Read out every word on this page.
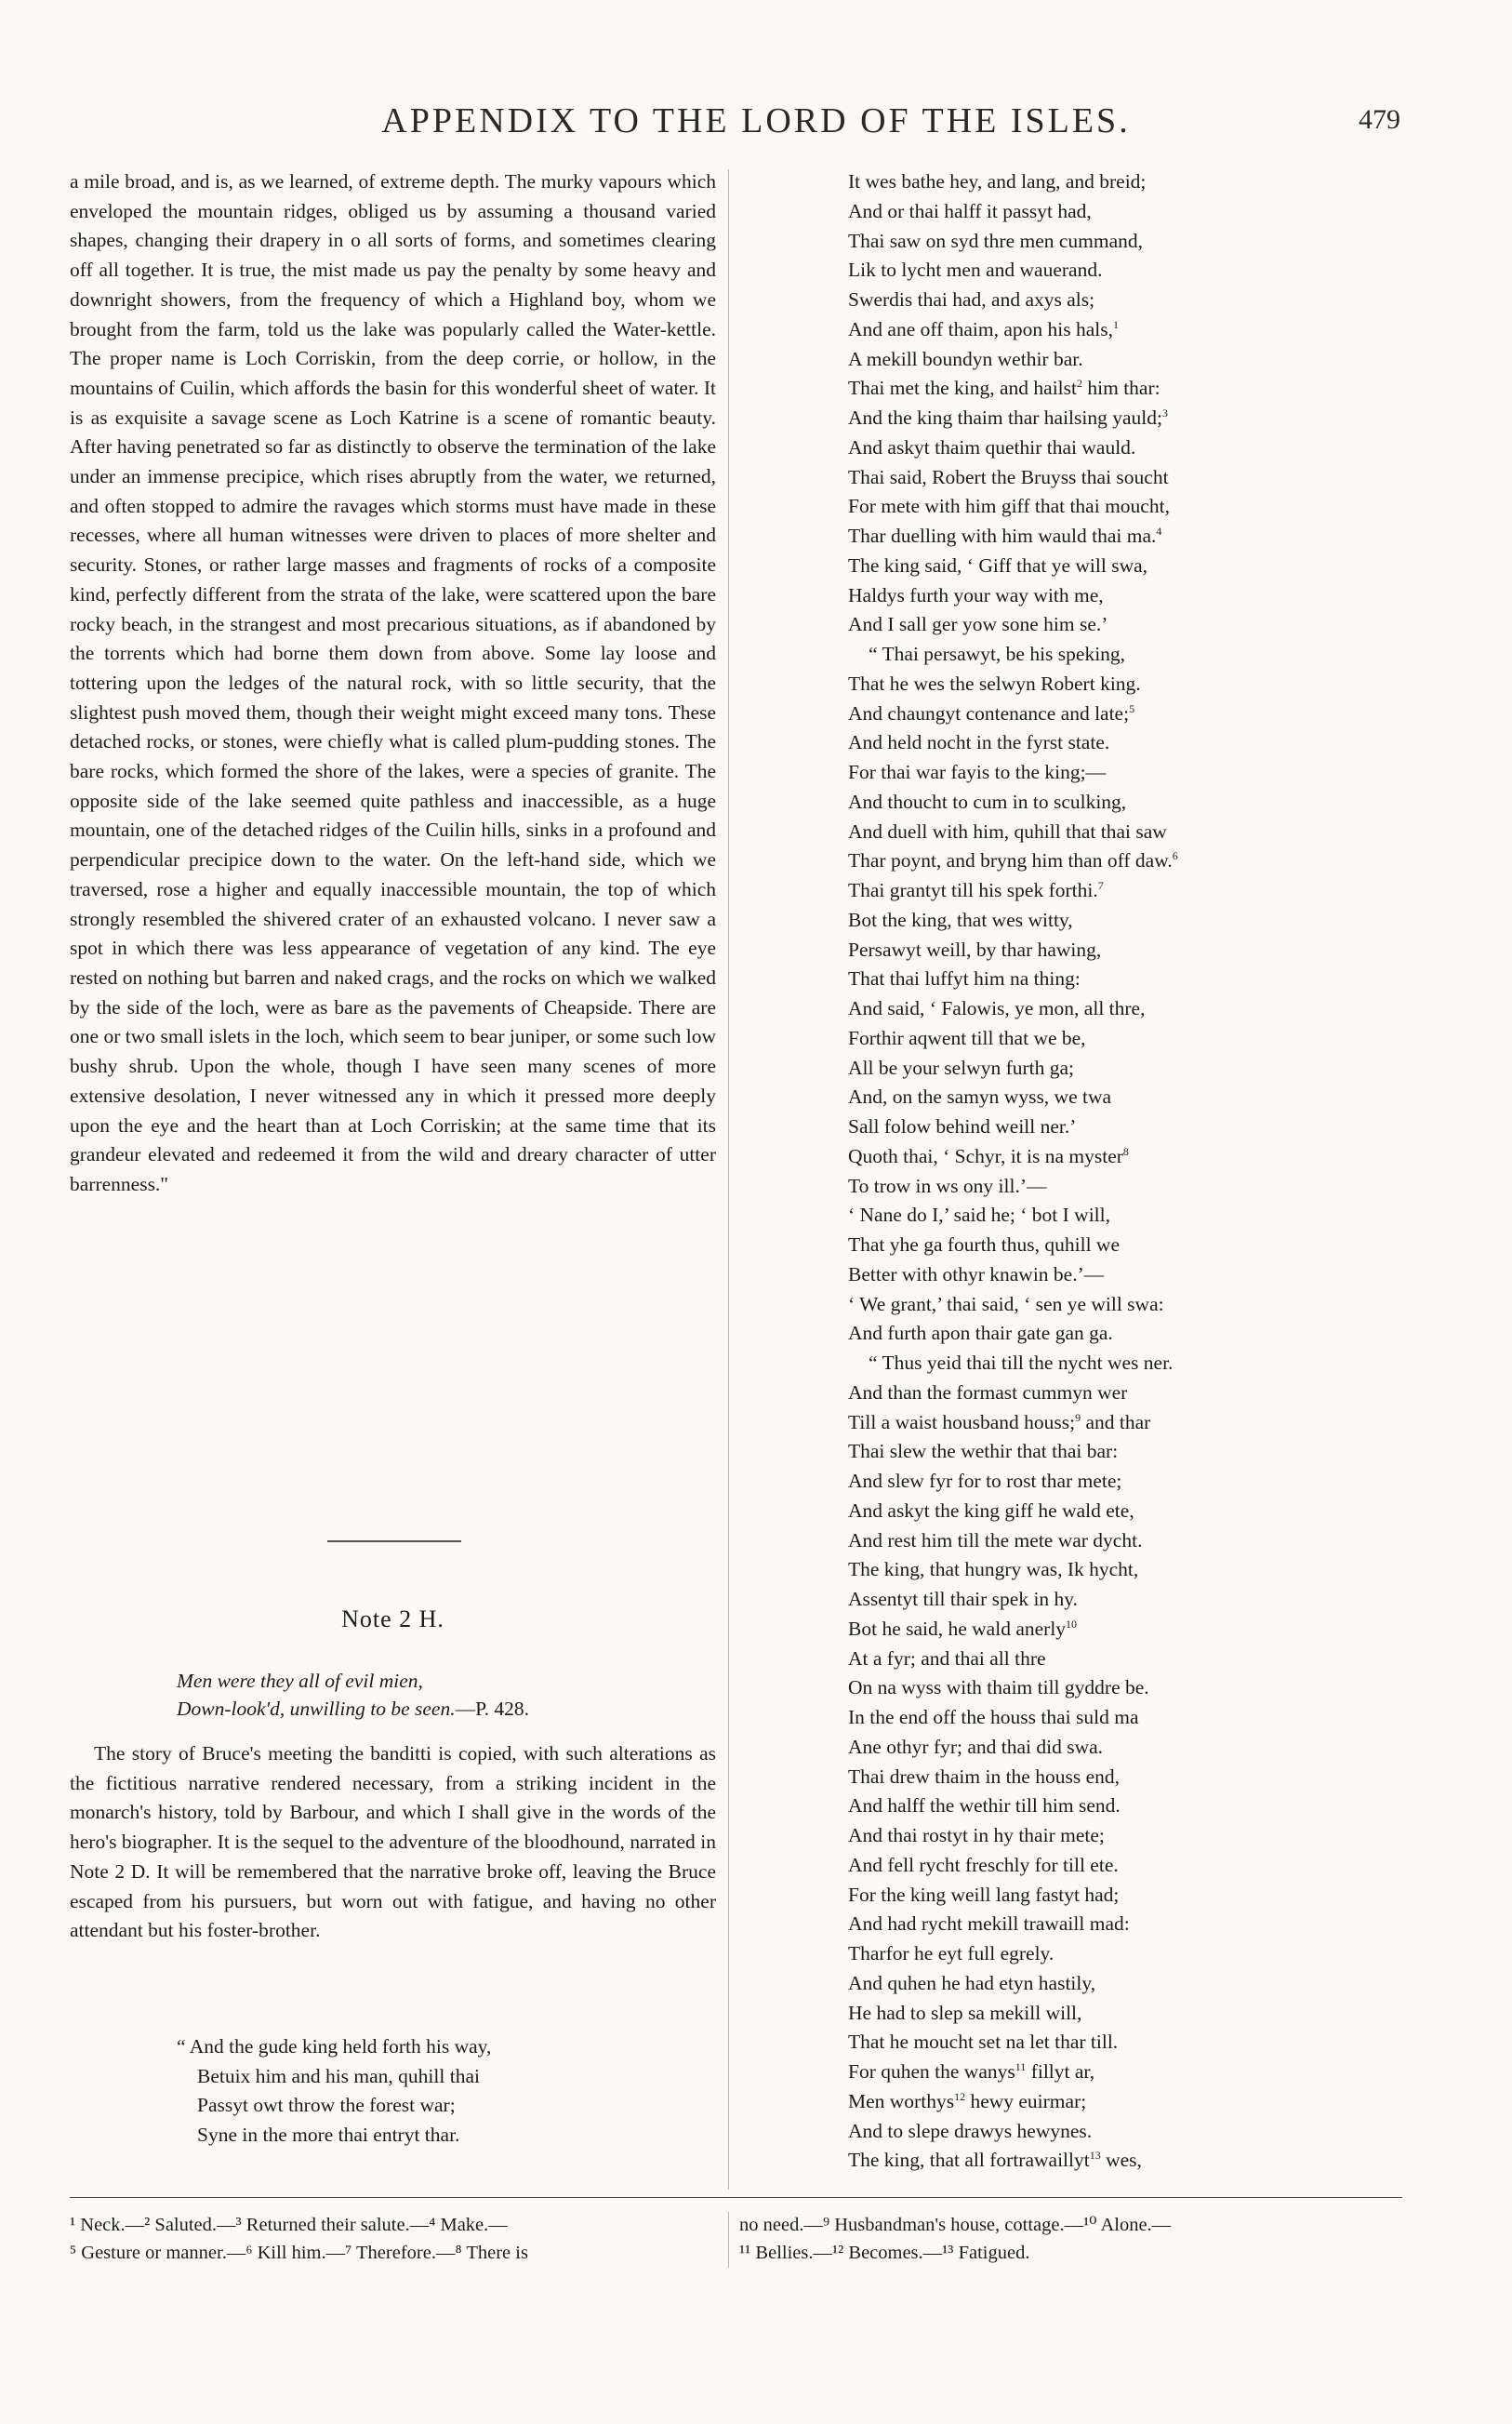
APPENDIX TO THE LORD OF THE ISLES.	479

a mile broad, and is, as we learned, of extreme depth. The murky vapours which enveloped the mountain ridges, obliged us by assuming a thousand varied shapes, changing their drapery in o all sorts of forms, and sometimes clearing off all together. It is true, the mist made us pay the penalty by some heavy and downright showers, from the frequency of which a Highland boy, whom we brought from the farm, told us the lake was popularly called the Water-kettle. The proper name is Loch Corriskin, from the deep corrie, or hollow, in the mountains of Cuilin, which affords the basin for this wonderful sheet of water. It is as exquisite a savage scene as Loch Katrine is a scene of romantic beauty. After having penetrated so far as distinctly to observe the termination of the lake under an immense precipice, which rises abruptly from the water, we returned, and often stopped to admire the ravages which storms must have made in these recesses, where all human witnesses were driven to places of more shelter and security. Stones, or rather large masses and fragments of rocks of a composite kind, perfectly different from the strata of the lake, were scattered upon the bare rocky beach, in the strangest and most precarious situations, as if abandoned by the torrents which had borne them down from above. Some lay loose and tottering upon the ledges of the natural rock, with so little security, that the slightest push moved them, though their weight might exceed many tons. These detached rocks, or stones, were chiefly what is called plum-pudding stones. The bare rocks, which formed the shore of the lakes, were a species of granite. The opposite side of the lake seemed quite pathless and inaccessible, as a huge mountain, one of the detached ridges of the Cuilin hills, sinks in a profound and perpendicular precipice down to the water. On the left-hand side, which we traversed, rose a higher and equally inaccessible mountain, the top of which strongly resembled the shivered crater of an exhausted volcano. I never saw a spot in which there was less appearance of vegetation of any kind. The eye rested on nothing but barren and naked crags, and the rocks on which we walked by the side of the loch, were as bare as the pavements of Cheapside. There are one or two small islets in the loch, which seem to bear juniper, or some such low bushy shrub. Upon the whole, though I have seen many scenes of more extensive desolation, I never witnessed any in which it pressed more deeply upon the eye and the heart than at Loch Corriskin; at the same time that its grandeur elevated and redeemed it from the wild and dreary character of utter barrenness."

Note 2 H.
Men were they all of evil mien,
Down-look'd, unwilling to be seen.—P. 428.

The story of Bruce's meeting the banditti is copied, with such alterations as the fictitious narrative rendered necessary, from a striking incident in the monarch's history, told by Barbour, and which I shall give in the words of the hero's biographer. It is the sequel to the adventure of the bloodhound, narrated in Note 2 D. It will be remembered that the narrative broke off, leaving the Bruce escaped from his pursuers, but worn out with fatigue, and having no other attendant but his foster-brother.

“ And the gude king held forth his way,
Betuix him and his man, quhill thai
Passyt owt throw the forest war;
Syne in the more thai entryt thar.
It wes bathe hey, and lang, and breid;
And or thai halff it passyt had,
Thai saw on syd thre men cummand,
Lik to lycht men and wauerand.
Swerdis thai had, and axys als;
And ane off thaim, apon his hals,$^1$
A mekill boundyn wethir bar.
Thai met the king, and hailst$^2$ him thar:
And the king thaim thar hailsing yauld;$^3$
And askyt thaim quethir thai wauld.
Thai said, Robert the Bruyss thai soucht
For mete with him giff that thai moucht,
Thar duelling with him wauld thai ma.$^4$
The king said, ‘ Giff that ye will swa,
Haldys furth your way with me,
And I sall ger yow sone him se.’
“ Thai persawyt, be his speking,
That he wes the selwyn Robert king.
And chaungyt contenance and late;$^5$
And held nocht in the fyrst state.
For thai war fayis to the king;—
And thoucht to cum in to sculking,
And duell with him, quhill that thai saw
Thar poynt, and bryng him than off daw.$^6$
Thai grantyt till his spek forthi.$^7$
Bot the king, that wes witty,
Persawyt weill, by thar hawing,
That thai luffyt him na thing:
And said, ‘ Falowis, ye mon, all thre,
Forthir aqwent till that we be,
All be your selwyn furth ga;
And, on the samyn wyss, we twa
Sall folow behind weill ner.’
Quoth thai, ‘ Schyr, it is na myster$^8$
To trow in ws ony ill.’—
‘ Nane do I,’ said he; ‘ bot I will,
That yhe ga fourth thus, quhill we
Better with othyr knawin be.’—
‘ We grant,’ thai said, ‘ sen ye will swa:
And furth apon thair gate gan ga.
“ Thus yeid thai till the nycht wes ner.
And than the formast cummyn wer
Till a waist housband houss;$^9$ and thar
Thai slew the wethir that thai bar:
And slew fyr for to rost thar mete;
And askyt the king giff he wald ete,
And rest him till the mete war dycht.
The king, that hungry was, Ik hycht,
Assentyt till thair spek in hy.
Bot he said, he wald anerly$^{10}$
At a fyr; and thai all thre
On na wyss with thaim till gyddre be.
In the end off the houss thai suld ma
Ane othyr fyr; and thai did swa.
Thai drew thaim in the houss end,
And halff the wethir till him send.
And thai rostyt in hy thair mete;
And fell rycht freschly for till ete.
For the king weill lang fastyt had;
And had rycht mekill trawaill mad:
Tharfor he eyt full egrely.
And quhen he had etyn hastily,
He had to slep sa mekill will,
That he moucht set na let thar till.
For quhen the wanys$^{11}$ fillyt ar,
Men worthys$^{12}$ hewy euirmar;
And to slepe drawys hewynes.
The king, that all fortrawaillyt$^{13}$ wes,
¹ Neck.—² Saluted.—³ Returned their salute.—⁴ Make.—
⁵ Gesture or manner.—⁶ Kill him.—⁷ Therefore.—⁸ There is
no need.—⁹ Husbandman's house, cottage.—¹⁰ Alone.—
¹¹ Bellies.—¹² Becomes.—¹³ Fatigued.
